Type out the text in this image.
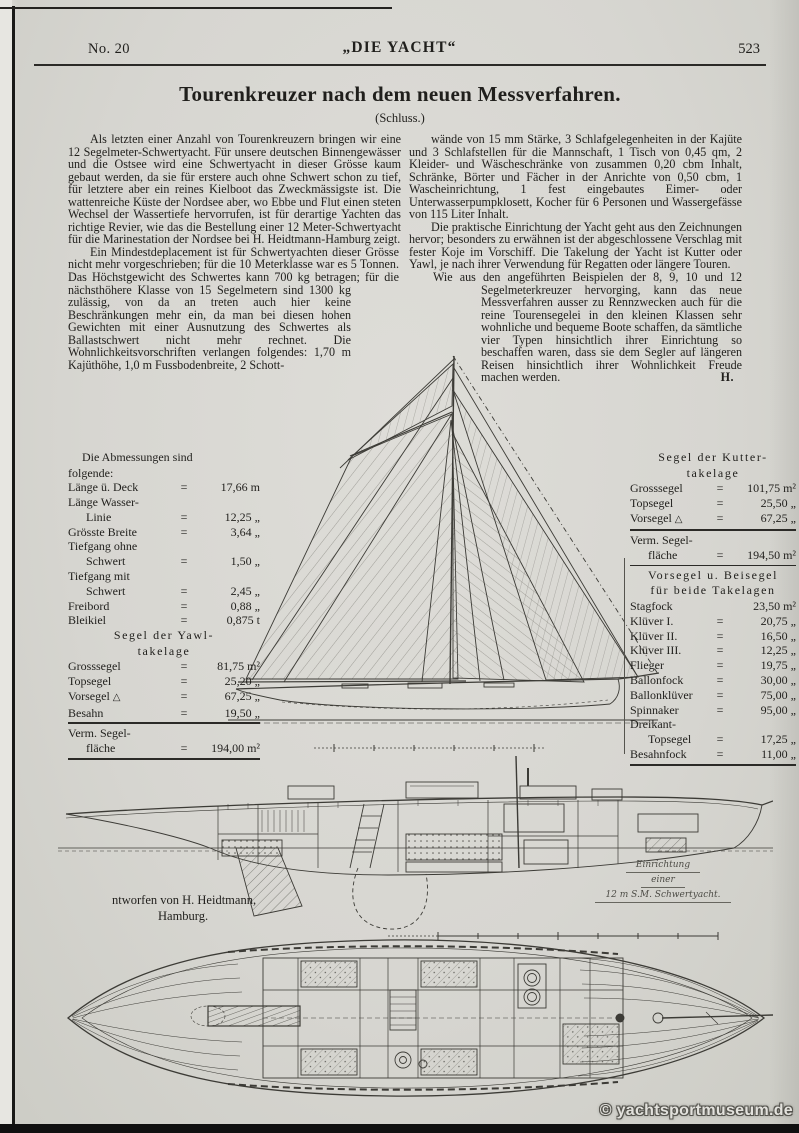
No. 20	„DIE YACHT“	523
Tourenkreuzer nach dem neuen Messverfahren.
(Schluss.)

Als letzten einer Anzahl von Tourenkreuzern bringen wir eine 12 Segelmeter-Schwertyacht. Für unsere deutschen Binnengewässer und die Ostsee wird eine Schwertyacht in dieser Grösse kaum gebaut werden, da sie für erstere auch ohne Schwert schon zu tief, für letztere aber ein reines Kielboot das Zweckmässigste ist. Die wattenreiche Küste der Nordsee aber, wo Ebbe und Flut einen steten Wechsel der Wassertiefe hervorrufen, ist für derartige Yachten das richtige Revier, wie das die Bestellung einer 12 Meter-Schwertyacht für die Marinestation der Nordsee bei H. Heidtmann-Hamburg zeigt.

Ein Mindestdeplacement ist für Schwertyachten dieser Grösse nicht mehr vorgeschrieben; für die 10 Meterklasse war es 5 Tonnen. Das Höchstgewicht des Schwertes kann 700 kg betragen; für die nächsthöhere Klasse von 15 Segelmetern sind 1300 kg zulässig, von da an treten auch hier keine Beschränkungen mehr ein, da man bei diesen hohen Gewichten mit einer Ausnutzung des Schwertes als Ballastschwert nicht mehr rechnet. Die Wohnlichkeitsvorschriften verlangen folgendes: 1,70 m Kajüthöhe, 1,0 m Fussbodenbreite, 2 Schott-

wände von 15 mm Stärke, 3 Schlafgelegenheiten in der Kajüte und 3 Schlafstellen für die Mannschaft, 1 Tisch von 0,45 qm, 2 Kleider- und Wäscheschränke von zusammen 0,20 cbm Inhalt, Schränke, Börter und Fächer in der Anrichte von 0,50 cbm, 1 Wascheinrichtung, 1 fest eingebautes Eimer- oder Unterwasserpumpklosett, Kocher für 6 Personen und Wassergefässe von 115 Liter Inhalt.

Die praktische Einrichtung der Yacht geht aus den Zeichnungen hervor; besonders zu erwähnen ist der abgeschlossene Verschlag mit fester Koje im Vorschiff. Die Takelung der Yacht ist Kutter oder Yawl, je nach ihrer Verwendung für Regatten oder längere Touren.

Wie aus den angeführten Beispielen der 8, 9, 10 und 12 Segelmeterkreuzer hervorging, kann das neue Messverfahren ausser zu Rennzwecken auch für die reine Tourensegelei in den kleinen Klassen sehr wohnliche und bequeme Boote schaffen, da sämtliche vier Typen hinsichtlich ihrer Einrichtung so beschaffen waren, dass sie dem Segler auf längeren Reisen hinsichtlich ihrer Wohnlichkeit Freude machen werden.	H.

Die Abmessungen sind
folgende:
Länge ü. Deck	=	17,66 m
Länge Wasser-
Linie	=	12,25 „
Grösste Breite	=	3,64 „
Tiefgang ohne
Schwert	=	1,50 „
Tiefgang mit
Schwert	=	2,45 „
Freibord	=	0,88 „
Bleikiel	=	0,875 t
Segel der Yawl-
takelage
Grosssegel	=	81,75 m²
Topsegel	=	25,20 „
Vorsegel △	=	67,25 „
Besahn	=	19,50 „
Verm. Segel-
fläche	=	194,00 m²
Segel der Kutter-
takelage
Grosssegel	=	101,75 m²
Topsegel	=	25,50 „
Vorsegel △	=	67,25 „
Verm. Segel-
fläche	=	194,50 m²
Vorsegel u. Beisegel
für beide Takelagen
Stagfock	23,50 m²
Klüver I.	=	20,75 „
Klüver II.	=	16,50 „
Klüver III.	=	12,25 „
Flieger	=	19,75 „
Ballonfock	=	30,00 „
Ballonklüver	=	75,00 „
Spinnaker	=	95,00 „
Dreikant-
Topsegel	=	17,25 „
Besahnfock	=	11,00 „
ntworfen von H. Heidtmann,
Hamburg.
Einrichtung
einer
12 m S.M. Schwertyacht.
© yachtsportmuseum.de
